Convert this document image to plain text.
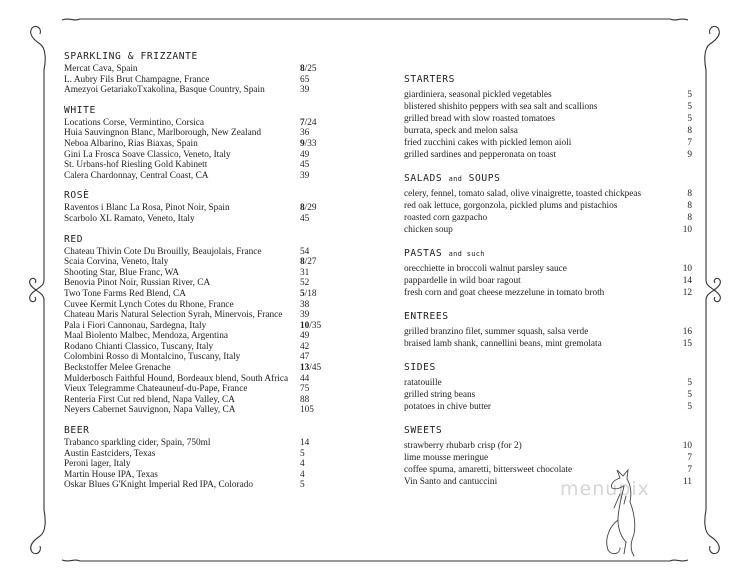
SPARKLING & FRIZZANTE
Mercat Cava, Spain	8/25
L. Aubry Fils Brut Champagne, France	65
Amezyoi GetariakoTxakolina, Basque Country, Spain	39
WHITE
Locations Corse, Vermintino, Corsica	7/24
Huia Sauvingnon Blanc, Marlborough, New Zealand	36
Neboa Albarino, Rias Biaxas, Spain	9/33
Gini La Frosca Soave Classico, Veneto, Italy	49
St. Urbans-hof Riesling Gold Kabinett	45
Calera Chardonnay, Central Coast, CA	39
ROSÈ
Raventos i Blanc La Rosa, Pinot Noir, Spain	8/29
Scarbolo XL Ramato, Veneto, Italy	45
RED
Chateau Thivin Cote Du Brouilly, Beaujolais, France	54
Scaia Corvina, Veneto, Italy	8/27
Shooting Star, Blue Franc, WA	31
Benovia Pinot Noir, Russian River, CA	52
Two Tone Farms Red Blend, CA	5/18
Cuvee Kermit Lynch Cotes du Rhone, France	38
Chateau Maris Natural Selection Syrah, Minervois, France 39
Pala i Fiori Cannonau, Sardegna, Italy	10/35
Maal Biolento Malbec, Mendoza, Argentina	49
Rodano Chianti Classico, Tuscany, Italy	42
Colombini Rosso di Montalcino, Tuscany, Italy	47
Beckstoffer Melee Grenache	13/45
Mulderbosch Faithful Hound, Bordeaux blend, South Africa 44
Vieux Telegramme Chateauneuf-du-Pape, France	75
Renteria First Cut red blend, Napa Valley, CA	88
Neyers Cabernet Sauvignon, Napa Valley, CA	105
BEER
Trabanco sparkling cider, Spain, 750ml	14
Austin Eastciders, Texas	5
Peroni lager, Italy	4
Martin House IPA, Texas	4
Oskar Blues G'Knight Imperial Red IPA, Colorado	5
STARTERS
giardiniera, seasonal pickled vegetables	5
blistered shishito peppers with sea salt and scallions	5
grilled bread with slow roasted tomatoes	5
burrata, speck and melon salsa	8
fried zucchini cakes with pickled lemon aioli	7
grilled sardines and pepperonata on toast	9
SALADS and SOUPS
celery, fennel, tomato salad, olive vinaigrette, toasted chickpeas	8
red oak lettuce, gorgonzola, pickled plums and pistachios	8
roasted corn gazpacho	8
chicken soup	10
PASTAS and such
orecchiette in broccoli walnut parsley sauce	10
pappardelle in wild boar ragout	14
fresh corn and goat cheese mezzelune in tomato broth	12
ENTREES
grilled branzino filet, summer squash, salsa verde	16
braised lamb shank, cannellini beans, mint gremolata	15
SIDES
ratatouille	5
grilled string beans	5
potatoes in chive butter	5
SWEETS
strawberry rhubarb crisp (for 2)	10
lime mousse meringue	7
coffee spuma, amaretti, bittersweet chocolate	7
Vin Santo and cantuccini	11
menupix
